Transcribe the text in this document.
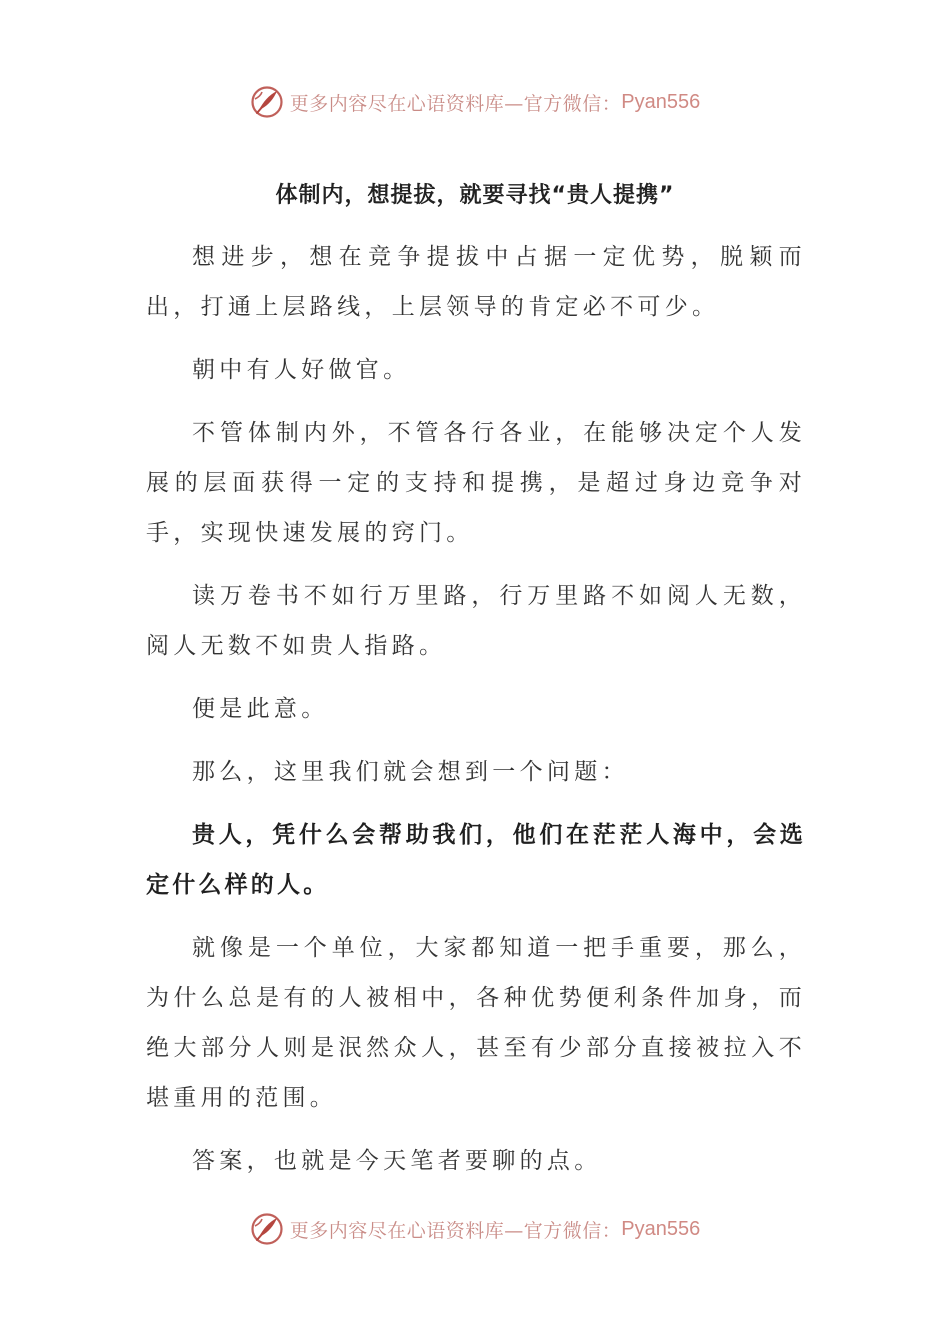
更多内容尽在心语资料库—官方微信： Pyan556
体制内，想提拔，就要寻找“贵人提携”

想进步，想在竞争提拔中占据一定优势，脱颖而出，打通上层路线，上层领导的肯定必不可少。

朝中有人好做官。

不管体制内外，不管各行各业，在能够决定个人发展的层面获得一定的支持和提携，是超过身边竞争对手，实现快速发展的窍门。

读万卷书不如行万里路，行万里路不如阅人无数，阅人无数不如贵人指路。

便是此意。

那么，这里我们就会想到一个问题：

贵人，凭什么会帮助我们，他们在茫茫人海中，会选定什么样的人。

就像是一个单位，大家都知道一把手重要，那么，为什么总是有的人被相中，各种优势便利条件加身，而绝大部分人则是泯然众人，甚至有少部分直接被拉入不堪重用的范围。

答案，也就是今天笔者要聊的点。

更多内容尽在心语资料库—官方微信： Pyan556
